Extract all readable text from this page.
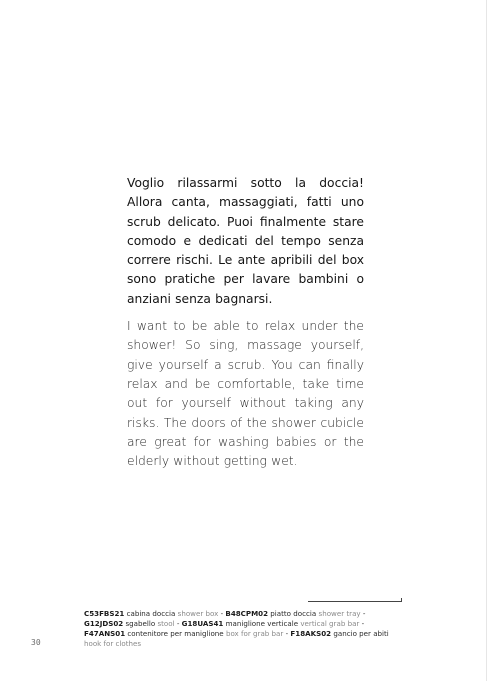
Voglio rilassarmi sotto la doccia! Allora canta, massaggiati, fatti uno scrub delicato. Puoi finalmente stare comodo e dedicati del tempo senza correre rischi. Le ante apribili del box sono pratiche per lavare bambini o anziani senza bagnarsi.

I want to be able to relax under the shower! So sing, massage yourself, give yourself a scrub. You can finally relax and be comfortable, take time out for yourself without taking any risks. The doors of the shower cubicle are great for washing babies or the elderly without getting wet.

C53FBS21 cabina doccia shower box - B48CPM02 piatto doccia shower tray - G12JDS02 sgabello stool - G18UAS41 maniglione verticale vertical grab bar - F47ANS01 contenitore per maniglione box for grab bar - F18AKS02 gancio per abiti hook for clothes
30
